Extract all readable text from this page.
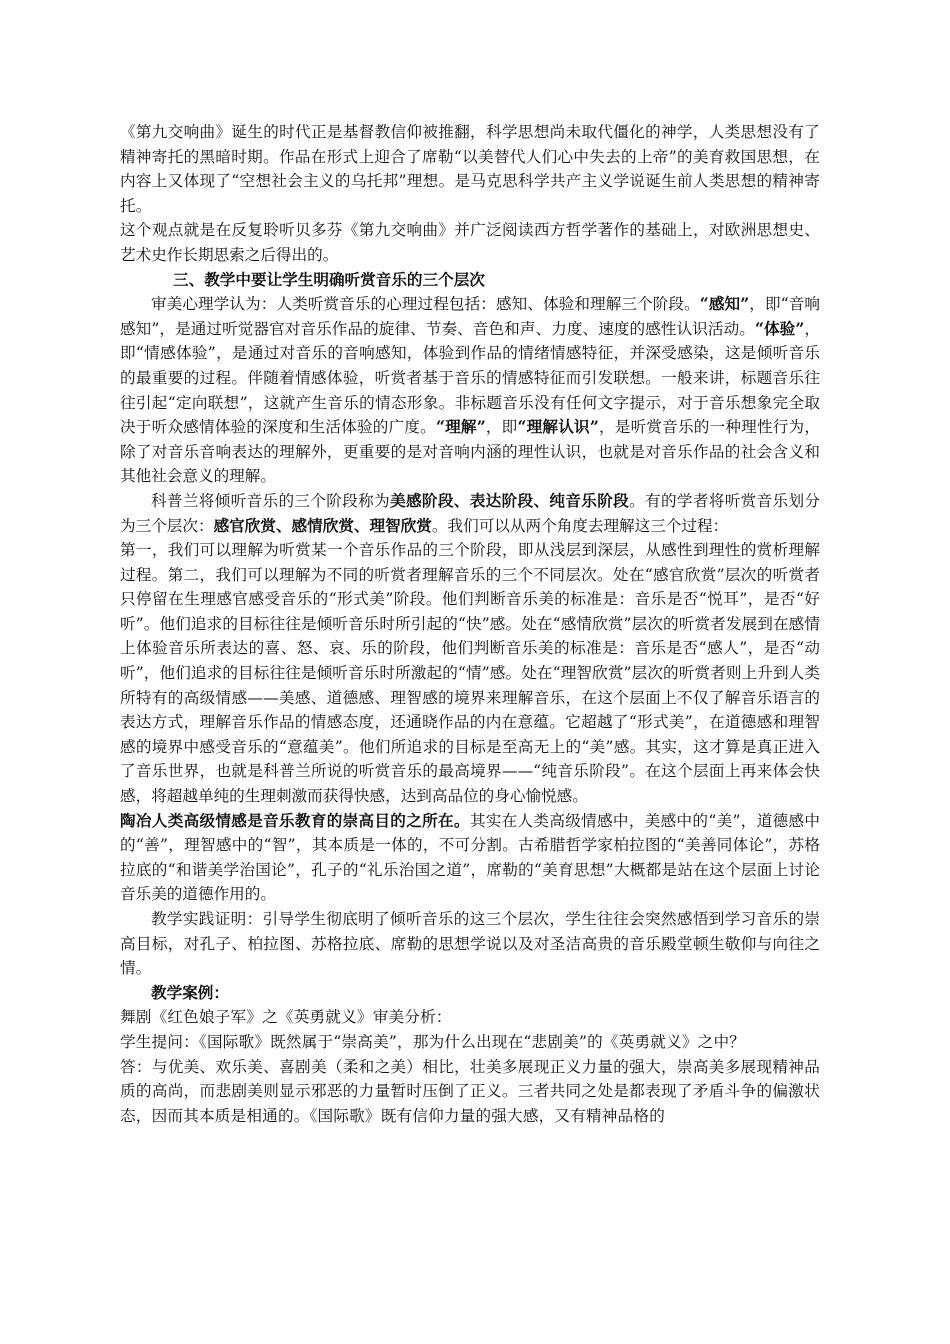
《第九交响曲》诞生的时代正是基督教信仰被推翻，科学思想尚未取代僵化的神学，人类思想没有了精神寄托的黑暗时期。作品在形式上迎合了席勒“以美替代人们心中失去的上帝”的美育救国思想，在内容上又体现了“空想社会主义的乌托邦”理想。是马克思科学共产主义学说诞生前人类思想的精神寄托。

这个观点就是在反复聆听贝多芬《第九交响曲》并广泛阅读西方哲学著作的基础上，对欧洲思想史、艺术史作长期思索之后得出的。

三、教学中要让学生明确听赏音乐的三个层次

审美心理学认为：人类听赏音乐的心理过程包括：感知、体验和理解三个阶段。“感知”，即“音响感知”，是通过听觉器官对音乐作品的旋律、节奏、音色和声、力度、速度的感性认识活动。“体验”，即“情感体验”，是通过对音乐的音响感知，体验到作品的情绪情感特征，并深受感染，这是倾听音乐的最重要的过程。伴随着情感体验，听赏者基于音乐的情感特征而引发联想。一般来讲，标题音乐往往引起“定向联想”，这就产生音乐的情态形象。非标题音乐没有任何文字提示，对于音乐想象完全取决于听众感情体验的深度和生活体验的广度。“理解”，即“理解认识”，是听赏音乐的一种理性行为，除了对音乐音响表达的理解外，更重要的是对音响内涵的理性认识，也就是对音乐作品的社会含义和其他社会意义的理解。

科普兰将倾听音乐的三个阶段称为美感阶段、表达阶段、纯音乐阶段。有的学者将听赏音乐划分为三个层次：感官欣赏、感情欣赏、理智欣赏。我们可以从两个角度去理解这三个过程：

第一，我们可以理解为听赏某一个音乐作品的三个阶段，即从浅层到深层，从感性到理性的赏析理解过程。第二，我们可以理解为不同的听赏者理解音乐的三个不同层次。处在“感官欣赏”层次的听赏者只停留在生理感官感受音乐的“形式美”阶段。他们判断音乐美的标准是：音乐是否“悦耳”，是否“好听”。他们追求的目标往往是倾听音乐时所引起的“快”感。处在“感情欣赏”层次的听赏者发展到在感情上体验音乐所表达的喜、怒、哀、乐的阶段，他们判断音乐美的标准是：音乐是否“感人”，是否“动听”，他们追求的目标往往是倾听音乐时所激起的“情”感。处在“理智欣赏”层次的听赏者则上升到人类所特有的高级情感——美感、道德感、理智感的境界来理解音乐，在这个层面上不仅了解音乐语言的表达方式，理解音乐作品的情感态度，还通晓作品的内在意蕴。它超越了“形式美”，在道德感和理智感的境界中感受音乐的“意蕴美”。他们所追求的目标是至高无上的“美”感。其实，这才算是真正进入了音乐世界，也就是科普兰所说的听赏音乐的最高境界——“纯音乐阶段”。在这个层面上再来体会快感，将超越单纯的生理刺激而获得快感，达到高品位的身心愉悦感。

陶冶人类高级情感是音乐教育的崇高目的之所在。其实在人类高级情感中，美感中的“美”，道德感中的“善”，理智感中的“智”，其本质是一体的，不可分割。古希腊哲学家柏拉图的“美善同体论”，苏格拉底的“和谐美学治国论”，孔子的“礼乐治国之道”，席勒的“美育思想”大概都是站在这个层面上讨论音乐美的道德作用的。

教学实践证明：引导学生彻底明了倾听音乐的这三个层次，学生往往会突然感悟到学习音乐的崇高目标，对孔子、柏拉图、苏格拉底、席勒的思想学说以及对圣洁高贵的音乐殿堂顿生敬仰与向往之情。

教学案例：

舞剧《红色娘子军》之《英勇就义》审美分析：

学生提问：《国际歌》既然属于“崇高美”，那为什么出现在“悲剧美”的《英勇就义》之中？

答：与优美、欢乐美、喜剧美（柔和之美）相比，壮美多展现正义力量的强大，崇高美多展现精神品质的高尚，而悲剧美则显示邪恶的力量暂时压倒了正义。三者共同之处是都表现了矛盾斗争的偏激状态，因而其本质是相通的。《国际歌》既有信仰力量的强大感，又有精神品格的
